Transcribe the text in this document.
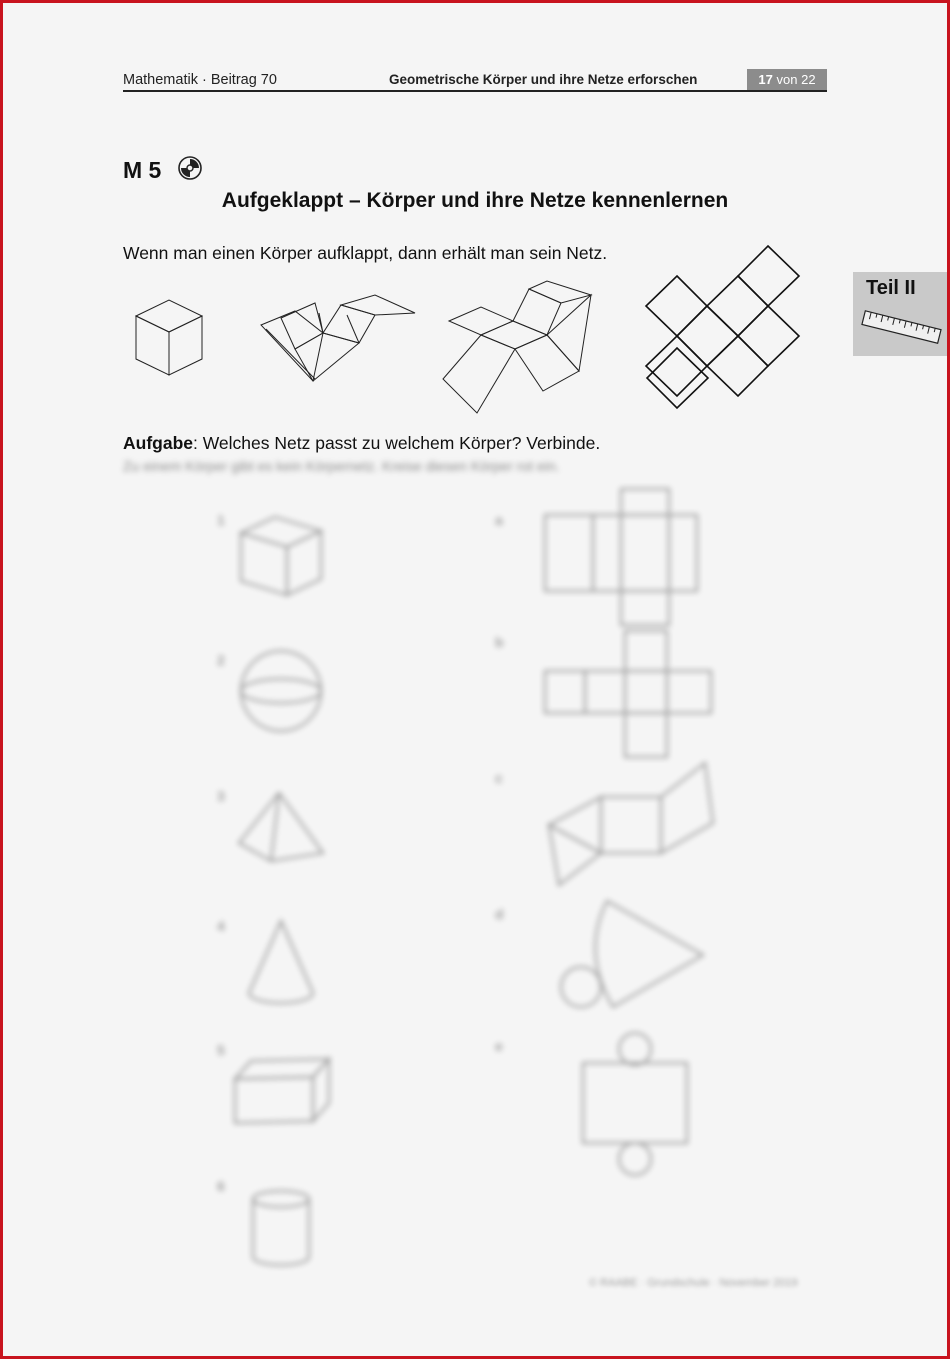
Mathematik · Beitrag 70	Geometrische Körper und ihre Netze erforschen	17 von 22
M 5
Aufgeklappt – Körper und ihre Netze kennenlernen
Wenn man einen Körper aufklappt, dann erhält man sein Netz.
Teil II
Aufgabe: Welches Netz passt zu welchem Körper? Verbinde.
Zu einem Körper gibt es kein Körpernetz. Kreise diesen Körper rot ein.
1
2
3
4
5
6
a
b
c
d
e
© RAABE · Grundschule · November 2019
